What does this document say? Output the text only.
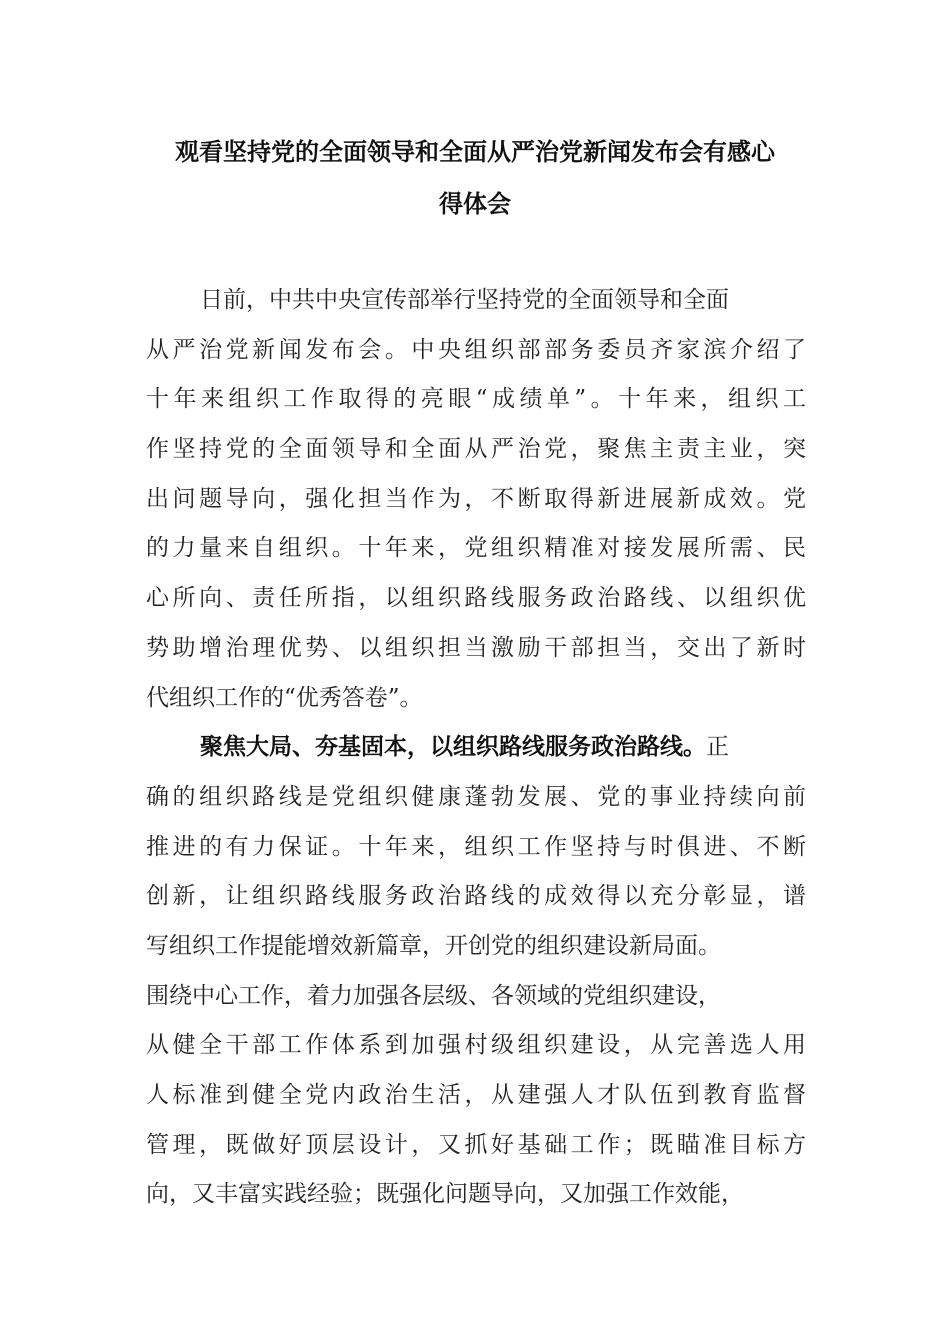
观看坚持党的全面领导和全面从严治党新闻发布会有感心
得体会
日前，中共中央宣传部举行坚持党的全面领导和全面
从严治党新闻发布会。中央组织部部务委员齐家滨介绍了
十年来组织工作取得的亮眼“成绩单”。十年来，组织工
作坚持党的全面领导和全面从严治党，聚焦主责主业，突
出问题导向，强化担当作为，不断取得新进展新成效。党
的力量来自组织。十年来，党组织精准对接发展所需、民
心所向、责任所指，以组织路线服务政治路线、以组织优
势助增治理优势、以组织担当激励干部担当，交出了新时
代组织工作的“优秀答卷”。
聚焦大局、夯基固本，以组织路线服务政治路线。正
确的组织路线是党组织健康蓬勃发展、党的事业持续向前
推进的有力保证。十年来，组织工作坚持与时俱进、不断
创新，让组织路线服务政治路线的成效得以充分彰显，谱
写组织工作提能增效新篇章，开创党的组织建设新局面。
围绕中心工作，着力加强各层级、各领域的党组织建设，
从健全干部工作体系到加强村级组织建设，从完善选人用
人标准到健全党内政治生活，从建强人才队伍到教育监督
管理，既做好顶层设计，又抓好基础工作；既瞄准目标方
向，又丰富实践经验；既强化问题导向，又加强工作效能，
